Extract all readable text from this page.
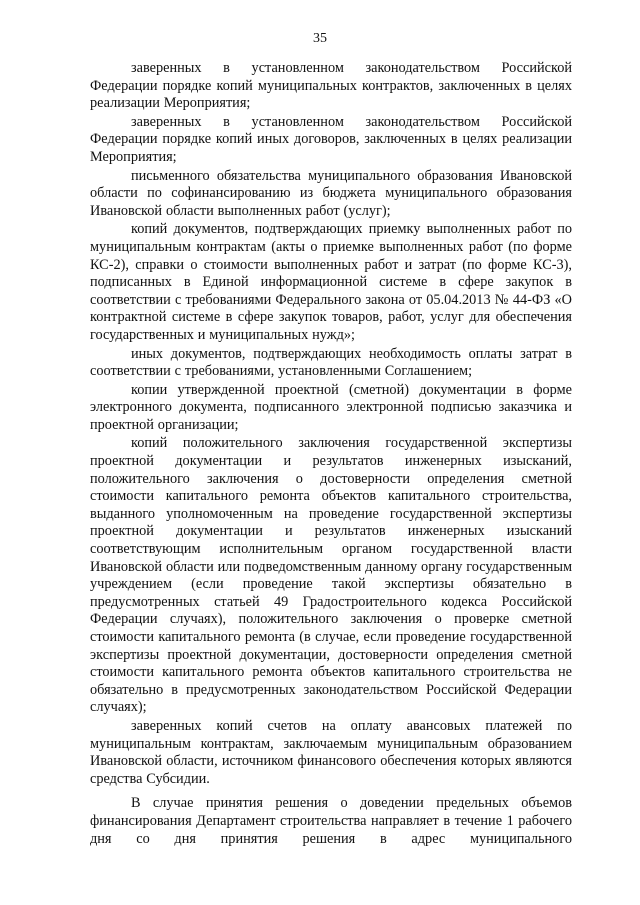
35

заверенных в установленном законодательством Российской Федерации порядке копий муниципальных контрактов, заключенных в целях реализации Мероприятия;

заверенных в установленном законодательством Российской Федерации порядке копий иных договоров, заключенных в целях реализации Мероприятия;

письменного обязательства муниципального образования Ивановской области по софинансированию из бюджета муниципального образования Ивановской области выполненных работ (услуг);

копий документов, подтверждающих приемку выполненных работ по муниципальным контрактам (акты о приемке выполненных работ (по форме КС-2), справки о стоимости выполненных работ и затрат (по форме КС-3), подписанных в Единой информационной системе в сфере закупок в соответствии с требованиями Федерального закона от 05.04.2013 № 44-ФЗ «О контрактной системе в сфере закупок товаров, работ, услуг для обеспечения государственных и муниципальных нужд»;

иных документов, подтверждающих необходимость оплаты затрат в соответствии с требованиями, установленными Соглашением;

копии утвержденной проектной (сметной) документации в форме электронного документа, подписанного электронной подписью заказчика и проектной организации;

копий положительного заключения государственной экспертизы проектной документации и результатов инженерных изысканий, положительного заключения о достоверности определения сметной стоимости капитального ремонта объектов капитального строительства, выданного уполномоченным на проведение государственной экспертизы проектной документации и результатов инженерных изысканий соответствующим исполнительным органом государственной власти Ивановской области или подведомственным данному органу государственным учреждением (если проведение такой экспертизы обязательно в предусмотренных статьей 49 Градостроительного кодекса Российской Федерации случаях), положительного заключения о проверке сметной стоимости капитального ремонта (в случае, если проведение государственной экспертизы проектной документации, достоверности определения сметной стоимости капитального ремонта объектов капитального строительства не обязательно в предусмотренных законодательством Российской Федерации случаях);

заверенных копий счетов на оплату авансовых платежей по муниципальным контрактам, заключаемым муниципальным образованием Ивановской области, источником финансового обеспечения которых являются средства Субсидии.

В случае принятия решения о доведении предельных объемов финансирования Департамент строительства направляет в течение 1 рабочего дня со дня принятия решения в адрес муниципального
